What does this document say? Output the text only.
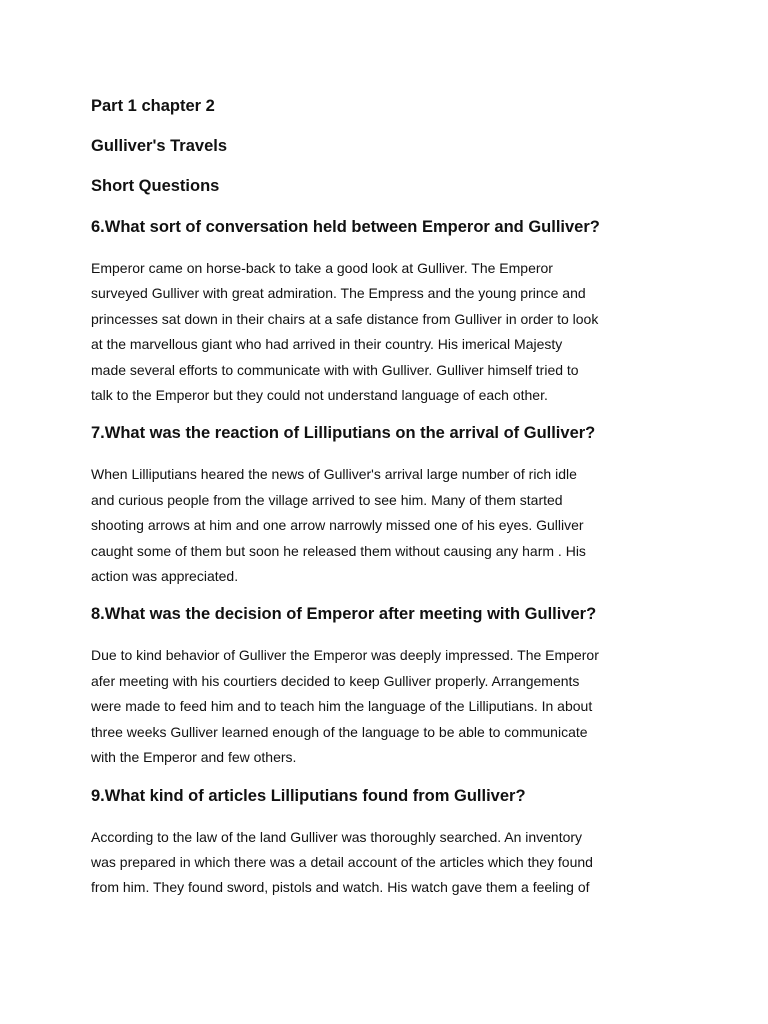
Part 1 chapter 2
Gulliver's Travels
Short Questions
6.What sort of conversation held between Emperor and Gulliver?
Emperor came on horse-back to take a good look at Gulliver. The Emperor
surveyed Gulliver with great admiration. The Empress and the young prince and
princesses sat down in their chairs at a safe distance from Gulliver in order to look
at the marvellous giant who had arrived in their country. His imerical Majesty
made several efforts to communicate with with Gulliver. Gulliver himself tried to
talk to the Emperor but they could not understand language of each other.
7.What was the reaction of Lilliputians on the arrival of Gulliver?
When Lilliputians heared the news of Gulliver's arrival large number of rich idle
and curious people from the village arrived to see him. Many of them started
shooting arrows at him and one arrow narrowly missed one of his eyes. Gulliver
caught some of them but soon he released them without causing any harm . His
action was appreciated.
8.What was the decision of Emperor after meeting with Gulliver?
Due to kind behavior of Gulliver the Emperor was deeply impressed. The Emperor
afer meeting with his courtiers decided to keep Gulliver properly. Arrangements
were made to feed him and to teach him the language of the Lilliputians. In about
three weeks Gulliver learned enough of the language to be able to communicate
with the Emperor and few others.
9.What kind of articles Lilliputians found from Gulliver?
According to the law of the land Gulliver was thoroughly searched. An inventory
was prepared in which there was a detail account of the articles which they found
from him. They found sword, pistols and watch. His watch gave them a feeling of
